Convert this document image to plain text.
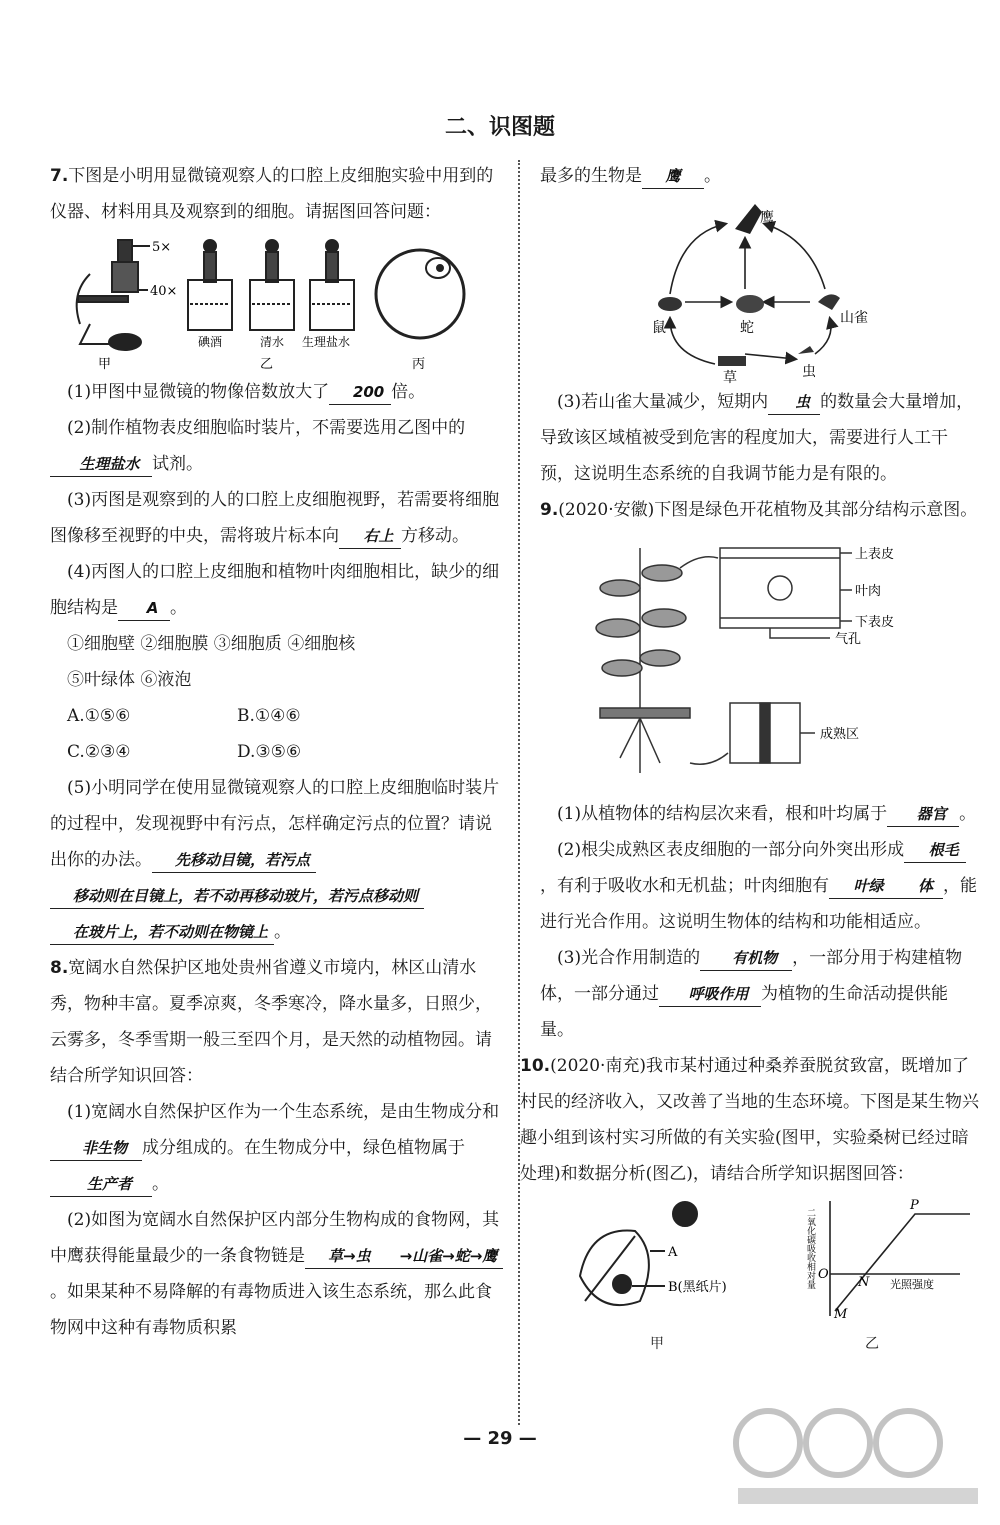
二、识图题

7.下图是小明用显微镜观察人的口腔上皮细胞实验中用到的仪器、材料用具及观察到的细胞。请据图回答问题：

5×
40×
碘酒	清水 生理盐水
甲	乙	丙

(1)甲图中显微镜的物像倍数放大了 200 倍。

(2)制作植物表皮细胞临时装片，不需要选用乙图中的生理盐水 试剂。

(3)丙图是观察到的人的口腔上皮细胞视野，若需要将细胞图像移至视野的中央，需将玻片标本向 右上 方移动。

(4)丙图人的口腔上皮细胞和植物叶肉细胞相比，缺少的细胞结构是 A 。

①细胞壁 ②细胞膜 ③细胞质 ④细胞核

⑤叶绿体 ⑥液泡

A.①⑤⑥	B.①④⑥

C.②③④	D.③⑤⑥

(5)小明同学在使用显微镜观察人的口腔上皮细胞临时装片的过程中，发现视野中有污点，怎样确定污点的位置？请说出你的办法。 先移动目镜，若污点移动则在目镜上，若不动再移动玻片，若污点移动则在玻片上，若不动则在物镜上 。

8.宽阔水自然保护区地处贵州省遵义市境内，林区山清水秀，物种丰富。夏季凉爽，冬季寒冷，降水量多，日照少，云雾多，冬季雪期一般三至四个月，是天然的动植物园。请结合所学知识回答：

(1)宽阔水自然保护区作为一个生态系统，是由生物成分和非生物 成分组成的。在生物成分中，绿色植物属于生产者 。

(2)如图为宽阔水自然保护区内部分生物构成的食物网，其中鹰获得能量最少的一条食物链是 草→虫 →山雀→蛇→鹰。如果某种不易降解的有毒物质进入该生态系统，那么此食物网中这种有毒物质积累

最多的生物是 鹰 。

鹰
鼠	蛇
山雀
草	虫

(3)若山雀大量减少，短期内 虫 的数量会大量增加，导致该区域植被受到危害的程度加大，需要进行人工干预，这说明生态系统的自我调节能力是有限的。

9.(2020·安徽)下图是绿色开花植物及其部分结构示意图。

上表皮
叶肉
下表皮
气孔
成熟区

(1)从植物体的结构层次来看，根和叶均属于 器官 。

(2)根尖成熟区表皮细胞的一部分向外突出形成 根毛，有利于吸收水和无机盐；叶肉细胞有 叶绿 体 ，能进行光合作用。这说明生物体的结构和功能相适应。

(3)光合作用制造的 有机物 ，一部分用于构建植物体，一部分通过 呼吸作用 为植物的生命活动提供能量。

10.(2020·南充)我市某村通过种桑养蚕脱贫致富，既增加了村民的经济收入，又改善了当地的生态环境。下图是某生物兴趣小组到该村实习所做的有关实验(图甲，实验桑树已经过暗处理)和数据分析(图乙)，请结合所学知识据图回答：

A
B(黑纸片)	二氧化碳吸收相对量	光照强度
P
O
N
M
甲	乙
— 29 —
